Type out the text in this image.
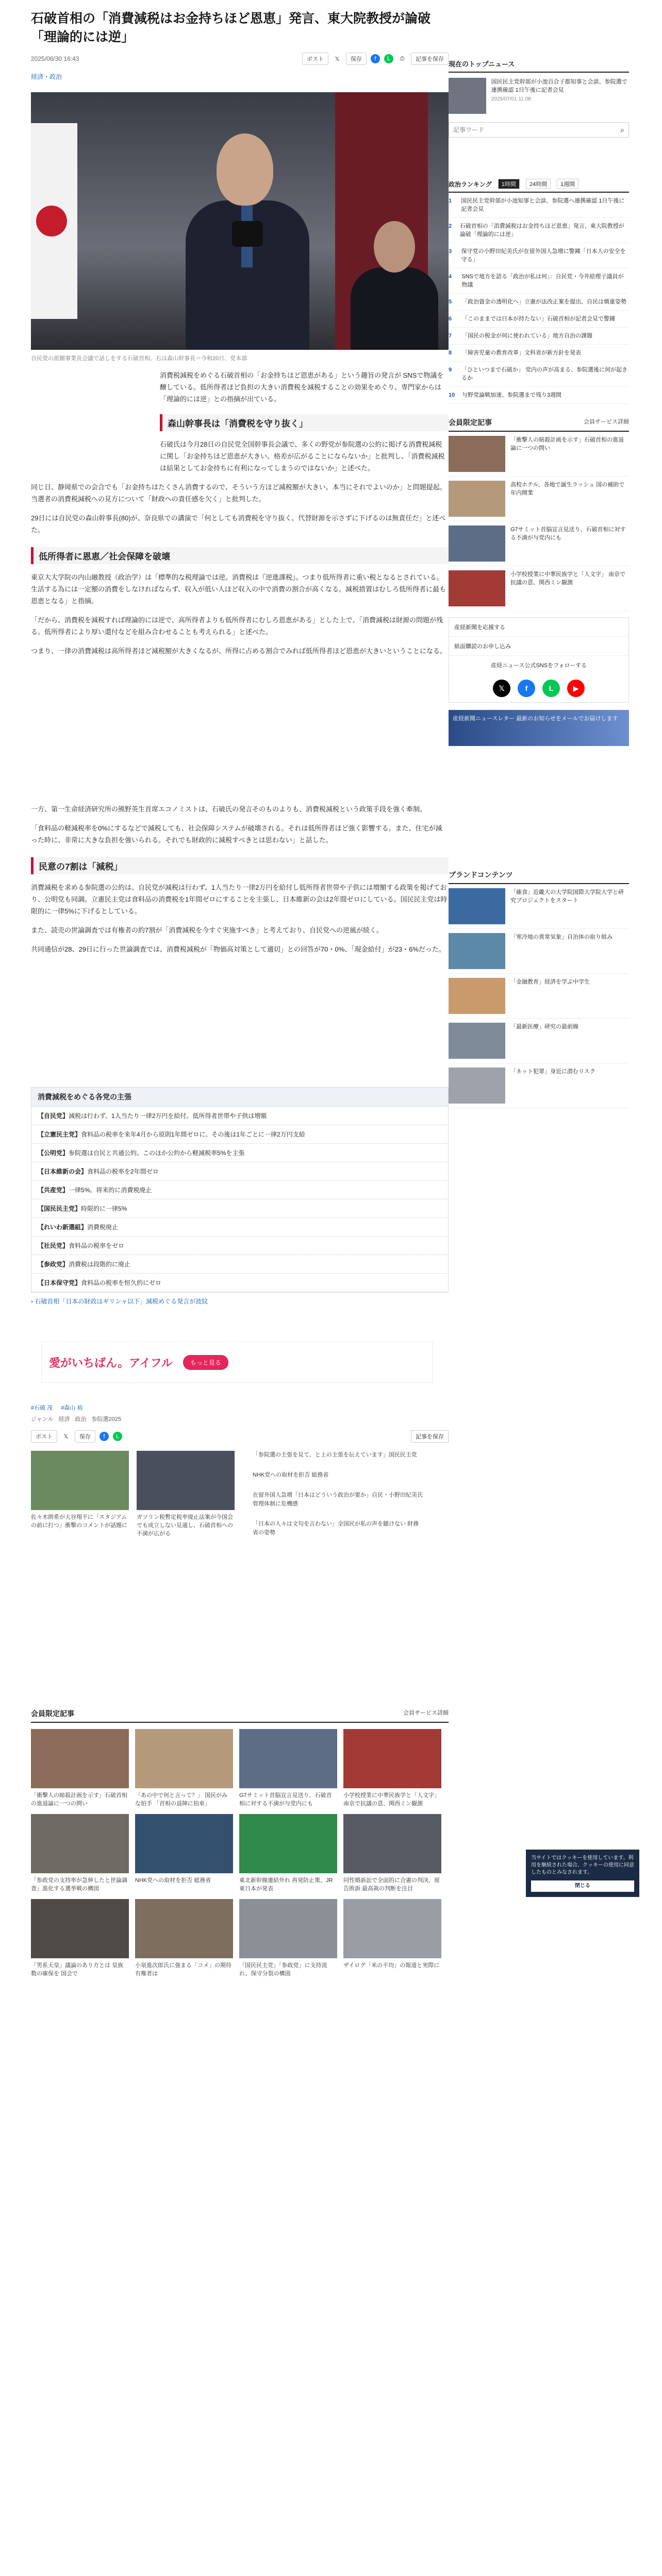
石破首相の「消費減税はお金持ちほど恩恵」発言、東大院教授が論破「理論的には逆」
2025/06/30 16:43	ポスト	𝕏	保存	f	L	⎙	記事を保存
経済・政治
自民党の派閥事業長会議で話しをする石破首相。右は森山幹事長＝今和20日、党本部

消費税減税をめぐる石破首相の「お金持ちほど恩恵がある」という趣旨の発言が SNSで物議を醸している。低所得者ほど負担の大きい消費税を減税することの効果をめぐり、専門家からは「理論的には逆」との指摘が出ている。

森山幹事長は「消費税を守り抜く」

石破氏は今月28日の自民党全国幹事長会議で、多くの野党が参院選の公約に掲げる消費税減税に関し「お金持ちほど恩恵が大きい。格差が広がることにならないか」と批判し、「消費税減税は結果としてお金持ちに有利になってしまうのではないか」と述べた。

同じ日、静岡県での会合でも「お金持ちはたくさん消費するので、そういう方ほど減税額が大きい。本当にそれでよいのか」と問題提起。当選者の消費税減税への見方について「財政への責任感を欠く」と批判した。

29日には自民党の森山幹事長(80)が、奈良県での講演で「何としても消費税を守り抜く。代替財源を示さずに下げるのは無責任だ」と述べた。

低所得者に恩恵／社会保障を破壊

東京大大学院の内山融教授（政治学）は「標準的な税理論では逆。消費税は『逆進課税』。つまり低所得者に重い税となるとされている。生活する為には一定額の消費をしなければならず、収入が低い人ほど収入の中で消費の割合が高くなる。減税措置はむしろ低所得者に最も恩恵となる」と指摘。

「だから、消費税を減税すれば理論的には逆で、高所得者よりも低所得者にむしろ恩恵がある」とした上で、「消費減税は財源の問題が残る。低所得者により厚い還付などを組み合わせることも考えられる」と述べた。

つまり、一律の消費減税は高所得者ほど減税額が大きくなるが、所得に占める割合でみれば低所得者ほど恩恵が大きいということになる。

一方、第一生命経済研究所の熊野英生首席エコノミストは、石破氏の発言そのものよりも、消費税減税という政策手段を強く牽制。

「食料品の軽減税率を0%にするなどで減税しても、社会保障システムが破壊される。それは低所得者ほど強く影響する。また、住宅が減った時に、非常に大きな負担を強いられる。それでも財政的に減税すべきとは思わない」と話した。

民意の7割は「減税」

消費減税を求める参院選の公約は、自民党が減税は行わず、1人当たり一律2万円を給付し低所得者世帯や子供には増額する政策を掲げており、公明党も同調。立憲民主党は食料品の消費税を1年間ゼロにすることを主張し、日本維新の会は2年間ゼロにしている。国民民主党は時限的に一律5%に下げるとしている。

また、読売の世論調査では有権者の約7割が「消費減税を今すぐ実施すべき」と考えており、自民党への逆風が続く。

共同通信が28、29日に行った世論調査では、消費税減税が「物価高対策として適切」との回答が70・0%、「現金給付」が23・6%だった。

消費減税をめぐる各党の主張
【自民党】減税は行わず、1人当たり一律2万円を給付。低所得者世帯や子供は増額
【立憲民主党】食料品の税率を来年4月から原則1年間ゼロに。その後は1年ごとに一律2万円支給
【公明党】参院選は自民と共通公約。このほか公約から軽減税率5%を主張
【日本維新の会】食料品の税率を2年間ゼロ
【共産党】一律5%。将来的に消費税廃止
【国民民主党】時限的に一律5%
【れいわ新選組】消費税廃止
【社民党】食料品の税率をゼロ
【参政党】消費税は段階的に廃止
【日本保守党】食料品の税率を恒久的にゼロ
› 石破首相「日本の財政はギリシャ以下」減税めぐる発言が波紋
愛がいちばん。アイフル	もっと見る
#石破 茂 #森山 裕
ジャンル 経済 政治 参院選2025
ポスト	𝕏	保存	f	L	記事を保存
佐々木朗希が大谷翔平に「スタジアムの前に打つ」衝撃のコメントが話題に
ガソリン税暫定税率廃止法案が今国会でも成立しない見通し、石破首相への不満が広がる
「参院選の主張を見て、と上の主張を伝えています」国民民主党
NHK党への取材を拒否 総務省
在留外国人急増「日本はどういう政治が要か」自民・小野田紀美氏 管理体制に危機感
「日本の人々は文句を言わない」全国民が私の声を聴けない 財務省の姿勢
会員限定記事	会員サービス詳細
「衝撃人の暗殺計画を示す」石破首相の進退論に一つの問い
「あの中で何と言って？」 国民がみな拍手 「首相の退陣に拍車」
G7サミット首脳宣言見送り、石破首相に対する不満が与党内にも
小学校授業に中華民族学と「人文字」 南京で抗議の意、関西ミン観測
「参政党の支持率が急伸したと世論調査」進化する選挙戦の構図
NHK党への取材を拒否 総務省	東北新幹線連結外れ 再発防止策、JR東日本が発表
同性婚訴訟で全面的に合憲の判決、原告敗訴 最高裁の判断を注目
「男系天皇」議論のあり方とは 皇族数の確保を 国会で
小泉進次郎氏に強まる「コメ」の期待 有権者は
「国民民主党」「参政党」に支持流れ、保守分裂の構図
ザイログ「米の平均」の報道と実際に
現在のトップニュース
国民民主党幹部が小池百合子都知事と会談、参院選で連携確認 1日午後に記者会見
2025/07/01 11:08
記事ワード
⌕
政治ランキング	1時間	24時間	1週間
1	国民民主党幹部が小池知事と会談、参院選へ連携確認 1日午後に記者会見
2	石破首相の「消費減税はお金持ちほど恩恵」発言、東大院教授が論破「理論的には逆」
3	保守党の小野田紀美氏が在留外国人急増に警鐘「日本人の安全を守る」
4	SNSで地方を語る「政治が私は何」：自民党・今井絵理子議員が物議
5	「政治資金の透明化へ」立憲が法改正案を提出、自民は慎重姿勢
6	「このままでは日本が持たない」石破首相が記者会見で警鐘
7	「国民の税金が何に使われている」地方自治の課題
8	「障害児童の教育改革」文科省が新方針を発表
9	「ひといつまで石破か」 党内の声が高まる、参院選後に何が起きるか
10	与野党論戦加速、参院選まで残り3週間
会員限定記事	会員サービス詳細
「衝撃人の暗殺計画を示す」石破首相の進退論に一つの問い
高校ホテル、各地で誕生ラッシュ 国の補助で年内開業
G7サミット首脳宣言見送り、石破首相に対する不満が与党内にも
小学校授業に中華民族学と「人文字」 南京で抗議の意、関西ミン観測
産経新聞を応援する
紙面購読のお申し込み
産経ニュース公式SNSをフォローする
𝕏	f	L	▶
産経新聞ニュースレター 最新のお知らせをメールでお届けします
ブランドコンテンツ
「確食」近畿大の大学院国際大学院大学と研究プロジェクトをスタート
「寒冷地の異常気象」自治体の取り組み
「金融教育」経済を学ぶ中学生
「最新医療」研究の最前線
「ネット犯罪」身近に潜むリスク
当サイトではクッキーを使用しています。利用を継続された場合、クッキーの使用に同意したものとみなされます。
閉じる
